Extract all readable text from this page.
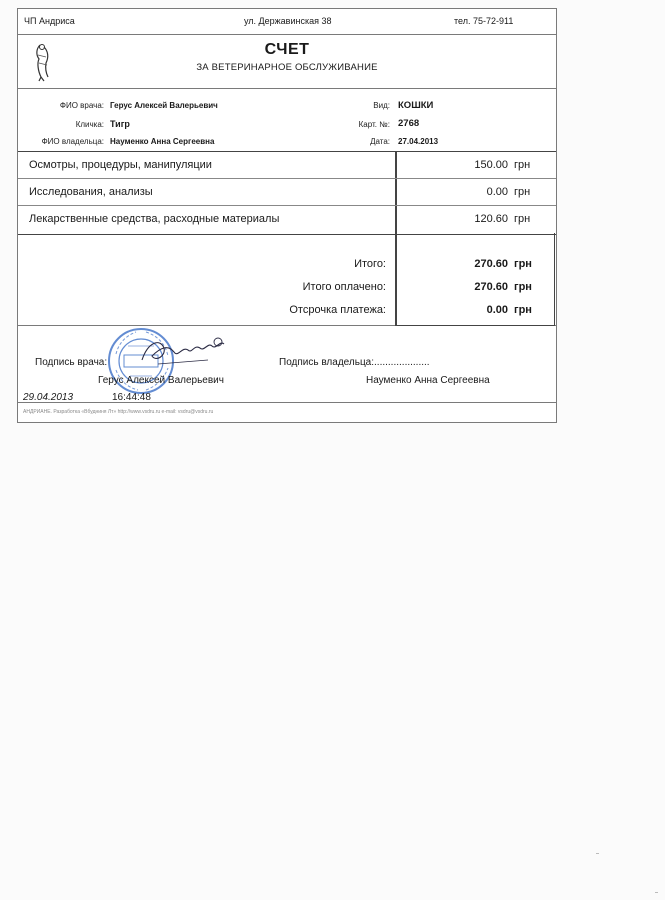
ЧП Андриса	ул. Державинская 38	тел. 75-72-911
СЧЕТ
ЗА ВЕТЕРИНАРНОЕ ОБСЛУЖИВАНИЕ
ФИО врача: Герус Алексей Валерьевич
Кличка: Тигр
ФИО владельца: Науменко Анна Сергеевна
Вид: КОШКИ
Карт. №: 2768
Дата: 27.04.2013
Осмотры, процедуры, манипуляции	150.00 грн
Исследования, анализы	0.00 грн
Лекарственные средства, расходные материалы	120.60 грн
Итого:	270.60 грн
Итого оплачено:	270.60 грн
Отсрочка платежа:	0.00 грн
Подпись врача:	Подпись владельца:....................
Герус Алексей Валерьевич	Науменко Анна Сергеевна
29.04.2013	16:44:48
АНДРИАНЕ. Разработка «Вбудниня Лт» http://www.vsdru.ru e-mail: vsdru@vsdru.ru
